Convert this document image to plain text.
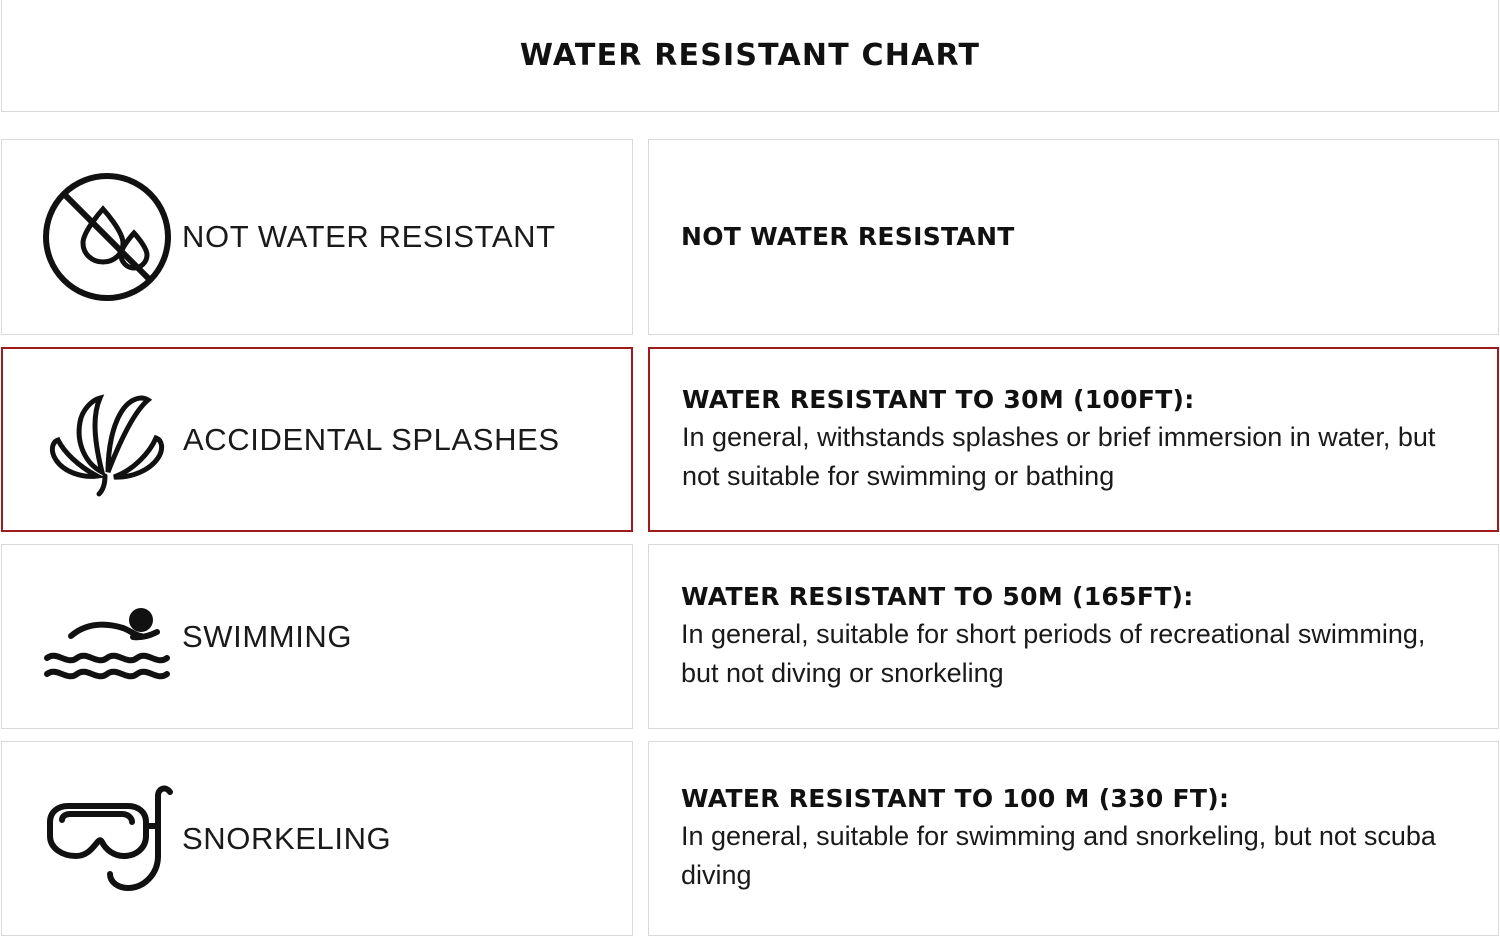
WATER RESISTANT CHART
NOT WATER RESISTANT	NOT WATER RESISTANT
ACCIDENTAL SPLASHES
WATER RESISTANT TO 30M (100FT):
In general, withstands splashes or brief immersion in water, but not suitable for swimming or bathing
SWIMMING
WATER RESISTANT TO 50M (165FT):
In general, suitable for short periods of recreational swimming, but not diving or snorkeling
SNORKELING
WATER RESISTANT TO 100 M (330 FT):
In general, suitable for swimming and snorkeling, but not scuba diving
